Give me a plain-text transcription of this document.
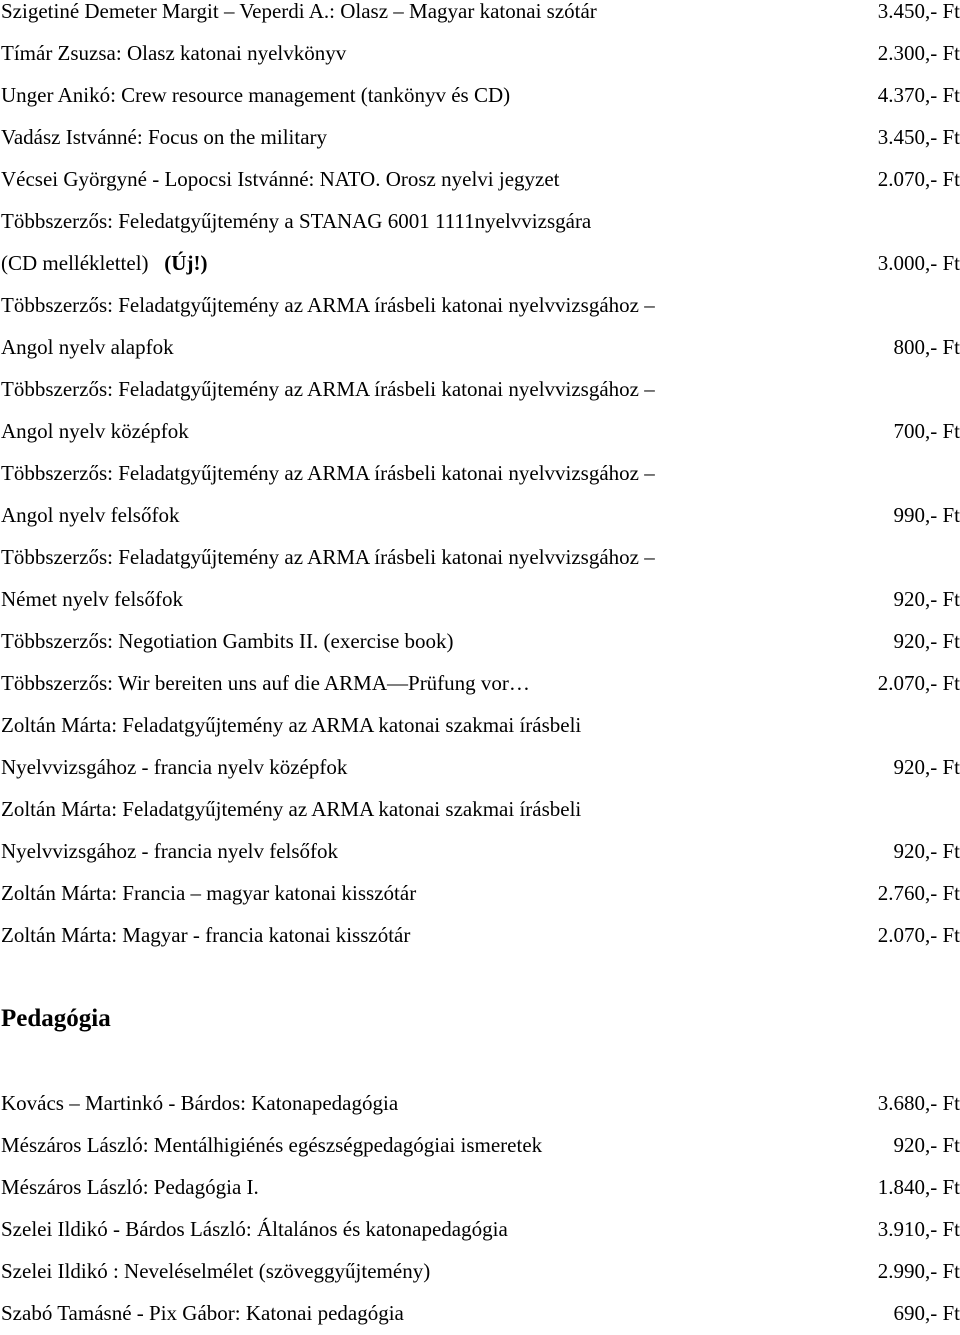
Szigetiné Demeter Margit – Veperdi A.: Olasz – Magyar katonai szótár	3.450,- Ft
Tímár Zsuzsa: Olasz katonai nyelvkönyv	2.300,- Ft
Unger Anikó: Crew resource management (tankönyv és CD)	4.370,- Ft
Vadász Istvánné: Focus on the military	3.450,- Ft
Vécsei Györgyné - Lopocsi Istvánné: NATO. Orosz nyelvi jegyzet	2.070,- Ft
Többszerzős: Feledatgyűjtemény a STANAG 6001 1111nyelvvizsgára
(CD melléklettel) (Új!)	3.000,- Ft
Többszerzős: Feladatgyűjtemény az ARMA írásbeli katonai nyelvvizsgához –
Angol nyelv alapfok	800,- Ft
Többszerzős: Feladatgyűjtemény az ARMA írásbeli katonai nyelvvizsgához –
Angol nyelv középfok	700,- Ft
Többszerzős: Feladatgyűjtemény az ARMA írásbeli katonai nyelvvizsgához –
Angol nyelv felsőfok	990,- Ft
Többszerzős: Feladatgyűjtemény az ARMA írásbeli katonai nyelvvizsgához –
Német nyelv felsőfok	920,- Ft
Többszerzős: Negotiation Gambits II. (exercise book)	920,- Ft
Többszerzős: Wir bereiten uns auf die ARMA—Prüfung vor…	2.070,- Ft
Zoltán Márta: Feladatgyűjtemény az ARMA katonai szakmai írásbeli
Nyelvvizsgához - francia nyelv középfok	920,- Ft
Zoltán Márta: Feladatgyűjtemény az ARMA katonai szakmai írásbeli
Nyelvvizsgához - francia nyelv felsőfok	920,- Ft
Zoltán Márta: Francia – magyar katonai kisszótár	2.760,- Ft
Zoltán Márta: Magyar - francia katonai kisszótár	2.070,- Ft
Pedagógia
Kovács – Martinkó - Bárdos: Katonapedagógia	3.680,- Ft
Mészáros László: Mentálhigiénés egészségpedagógiai ismeretek	920,- Ft
Mészáros László: Pedagógia I.	1.840,- Ft
Szelei Ildikó - Bárdos László: Általános és katonapedagógia	3.910,- Ft
Szelei Ildikó : Neveléselmélet (szöveggyűjtemény)	2.990,- Ft
Szabó Tamásné - Pix Gábor: Katonai pedagógia	690,- Ft
